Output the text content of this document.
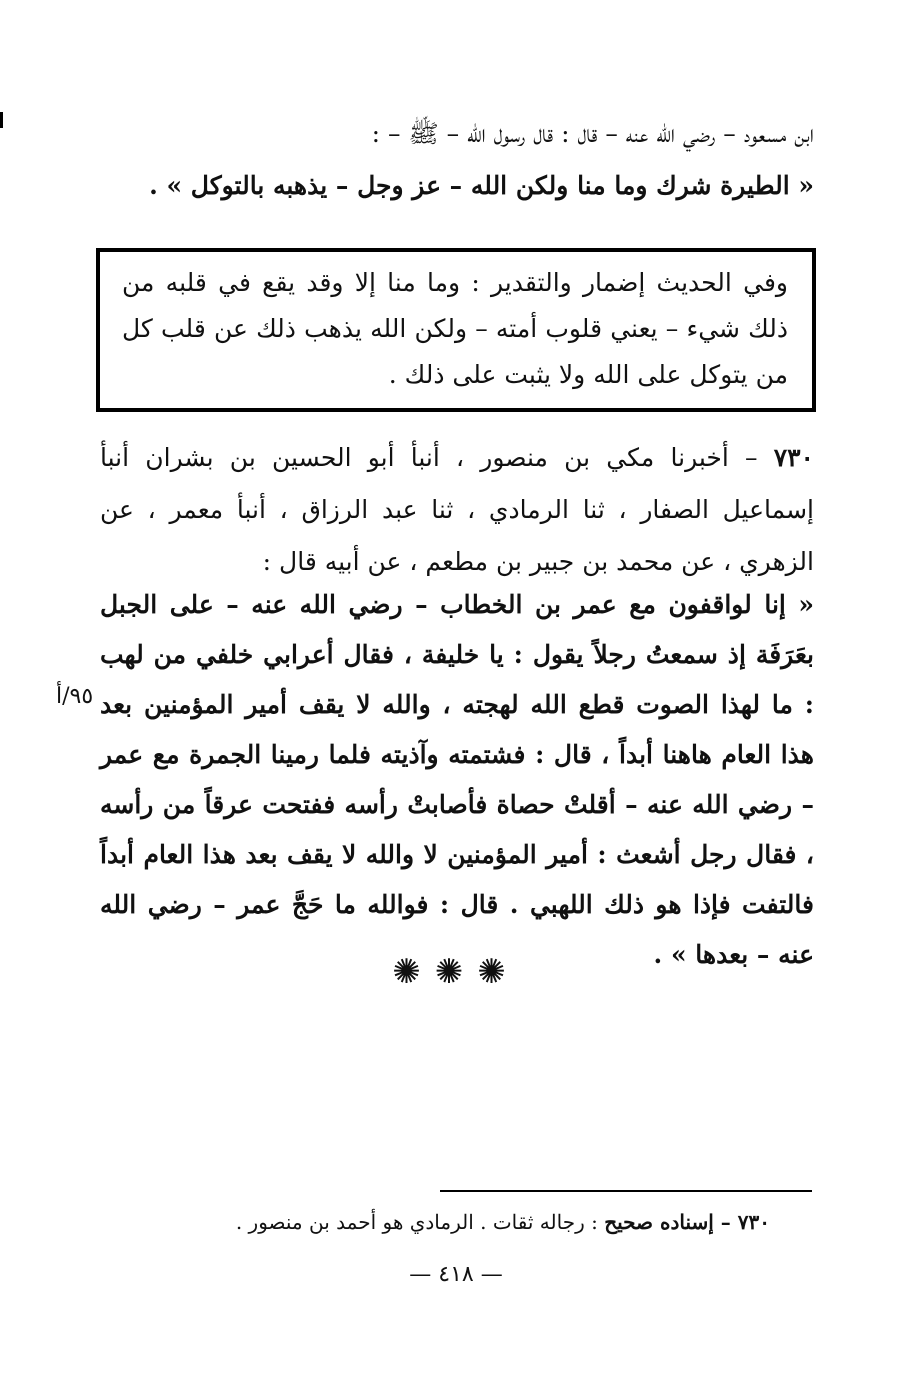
ابن مسعود – رضي الله عنه – قال : قال رسول الله – ﷺ – :
« الطيرة شرك وما منا ولكن الله – عز وجل – يذهبه بالتوكل » .
وفي الحديث إضمار والتقدير : وما منا إلا وقد يقع في قلبه من ذلك شيء – يعني قلوب أمته – ولكن الله يذهب ذلك عن قلب كل من يتوكل على الله ولا يثبت على ذلك .
٧٣٠ – أخبرنا مكي بن منصور ، أنبأ أبو الحسين بن بشران أنبأ إسماعيل الصفار ، ثنا الرمادي ، ثنا عبد الرزاق ، أنبأ معمر ، عن الزهري ، عن محمد بن جبير بن مطعم ، عن أبيه قال :
« إنا لواقفون مع عمر بن الخطاب – رضي الله عنه – على الجبل بعَرَفَة إذ سمعتُ رجلاً يقول : يا خليفة ، فقال أعرابي خلفي من لهب : ما لهذا الصوت قطع الله لهجته ، والله لا يقف أمير المؤمنين بعد هذا العام هاهنا أبداً ، قال : فشتمته وآذيته فلما رمينا الجمرة مع عمر – رضي الله عنه – أقلتْ حصاة فأصابتْ رأسه ففتحت عرقاً من رأسه ، فقال رجل أشعث : أمير المؤمنين لا والله لا يقف بعد هذا العام أبداً فالتفت فإذا هو ذلك اللهبي . قال : فوالله ما حَجَّ عمر – رضي الله عنه – بعدها » .
٩٥/أ
✺✺✺
٧٣٠ – إسناده صحيح : رجاله ثقات . الرمادي هو أحمد بن منصور .
— ٤١٨ —
